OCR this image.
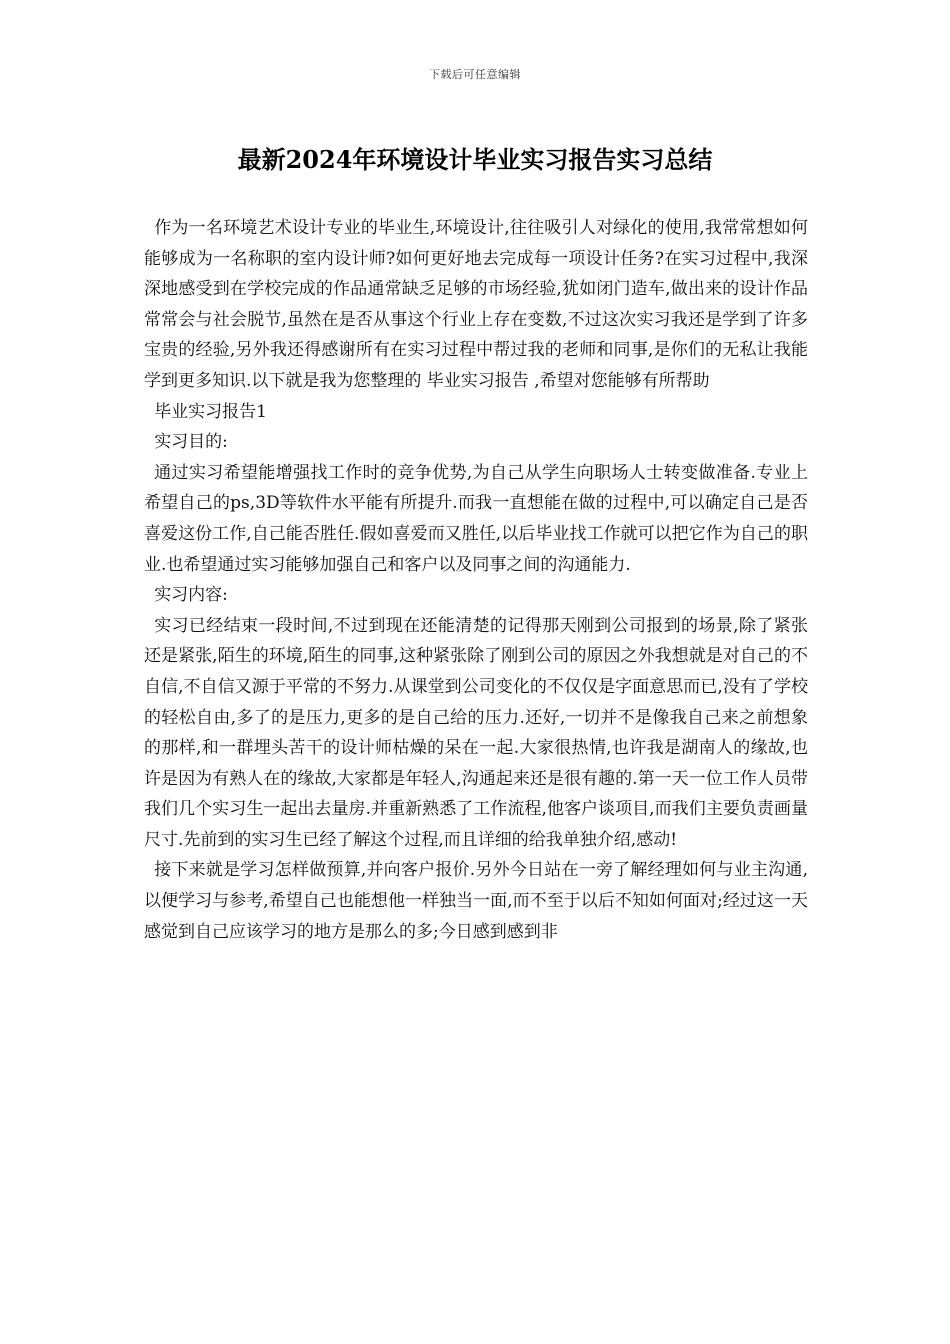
下载后可任意编辑
最新2024年环境设计毕业实习报告实习总结

作为一名环境艺术设计专业的毕业生,环境设计,往往吸引人对绿化的使用,我常常想如何能够成为一名称职的室内设计师?如何更好地去完成每一项设计任务?在实习过程中,我深深地感受到在学校完成的作品通常缺乏足够的市场经验,犹如闭门造车,做出来的设计作品常常会与社会脱节,虽然在是否从事这个行业上存在变数,不过这次实习我还是学到了许多宝贵的经验,另外我还得感谢所有在实习过程中帮过我的老师和同事,是你们的无私让我能学到更多知识.以下就是我为您整理的 毕业实习报告 ,希望对您能够有所帮助

毕业实习报告1

实习目的:

通过实习希望能增强找工作时的竞争优势,为自己从学生向职场人士转变做准备.专业上希望自己的ps,3D等软件水平能有所提升.而我一直想能在做的过程中,可以确定自己是否喜爱这份工作,自己能否胜任.假如喜爱而又胜任,以后毕业找工作就可以把它作为自己的职业.也希望通过实习能够加强自己和客户以及同事之间的沟通能力.

实习内容:

实习已经结束一段时间,不过到现在还能清楚的记得那天刚到公司报到的场景,除了紧张还是紧张,陌生的环境,陌生的同事,这种紧张除了刚到公司的原因之外我想就是对自己的不自信,不自信又源于平常的不努力.从课堂到公司变化的不仅仅是字面意思而已,没有了学校的轻松自由,多了的是压力,更多的是自己给的压力.还好,一切并不是像我自己来之前想象的那样,和一群埋头苦干的设计师枯燥的呆在一起.大家很热情,也许我是湖南人的缘故,也许是因为有熟人在的缘故,大家都是年轻人,沟通起来还是很有趣的.第一天一位工作人员带我们几个实习生一起出去量房.并重新熟悉了工作流程,他客户谈项目,而我们主要负责画量尺寸.先前到的实习生已经了解这个过程,而且详细的给我单独介绍,感动!

接下来就是学习怎样做预算,并向客户报价.另外今日站在一旁了解经理如何与业主沟通,以便学习与参考,希望自己也能想他一样独当一面,而不至于以后不知如何面对;经过这一天感觉到自己应该学习的地方是那么的多;今日感到感到非
